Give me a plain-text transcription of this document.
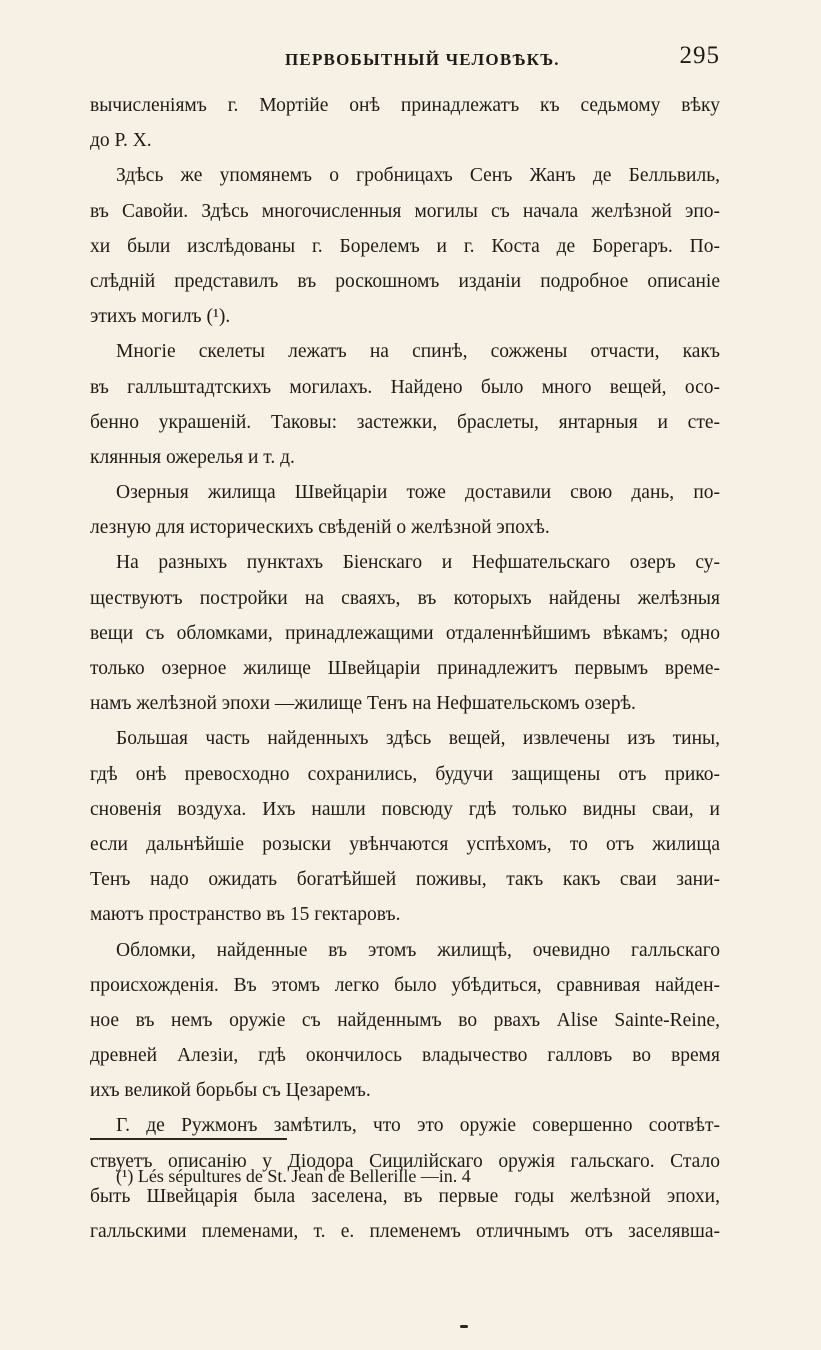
ПЕРВОБЫТНЫЙ ЧЕЛОВѢКЪ.	295
вычисленіямъ г. Мортійе онѣ принадлежатъ къ седьмому вѣку
до Р. Х.
Здѣсь же упомянемъ о гробницахъ Сенъ Жанъ де Белльвиль,
въ Савойи. Здѣсь многочисленныя могилы съ начала желѣзной эпо-
хи были изслѣдованы г. Борелемъ и г. Коста де Борегаръ. По-
слѣдній представилъ въ роскошномъ изданіи подробное описаніе
этихъ могилъ (¹).
Многіе скелеты лежатъ на спинѣ, сожжены отчасти, какъ
въ галльштадтскихъ могилахъ. Найдено было много вещей, осо-
бенно украшеній. Таковы: застежки, браслеты, янтарныя и сте-
клянныя ожерелья и т. д.
Озерныя жилища Швейцаріи тоже доставили свою дань, по-
лезную для историческихъ свѣденій о желѣзной эпохѣ.
На разныхъ пунктахъ Біенскаго и Нефшательскаго озеръ су-
ществуютъ постройки на сваяхъ, въ которыхъ найдены желѣзныя
вещи съ обломками, принадлежащими отдаленнѣйшимъ вѣкамъ; одно
только озерное жилище Швейцаріи принадлежитъ первымъ време-
намъ желѣзной эпохи —жилище Тенъ на Нефшательскомъ озерѣ.
Большая часть найденныхъ здѣсь вещей, извлечены изъ тины,
гдѣ онѣ превосходно сохранились, будучи защищены отъ прико-
сновенія воздуха. Ихъ нашли повсюду гдѣ только видны сваи, и
если дальнѣйшіе розыски увѣнчаются успѣхомъ, то отъ жилища
Тенъ надо ожидать богатѣйшей поживы, такъ какъ сваи зани-
маютъ пространство въ 15 гектаровъ.
Обломки, найденные въ этомъ жилищѣ, очевидно галльскаго
происхожденія. Въ этомъ легко было убѣдиться, сравнивая найден-
ное въ немъ оружіе съ найденнымъ во рвахъ Alise Sainte-Reine,
древней Алезіи, гдѣ окончилось владычество галловъ во время
ихъ великой борьбы съ Цезаремъ.
Г. де Ружмонъ замѣтилъ, что это оружіе совершенно соотвѣт-
ствуетъ описанію у Діодора Сицилійскаго оружія гальскаго. Стало
быть Швейцарія была заселена, въ первые годы желѣзной эпохи,
галльскими племенами, т. е. племенемъ отличнымъ отъ заселявша-
(¹) Lés sépultures de St. Jean de Bellerille —in. 4
